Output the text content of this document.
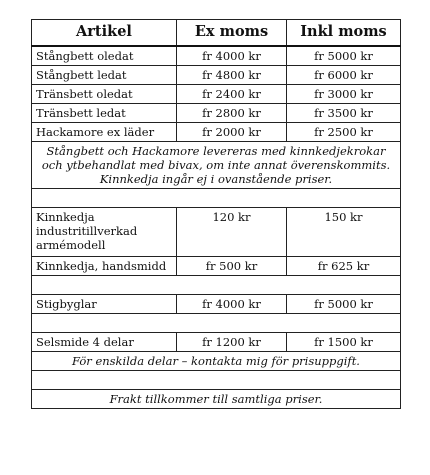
Artikel	Ex moms	Inkl moms
Stångbett oledat	fr 4000 kr	fr 5000 kr
Stångbett ledat	fr 4800 kr	fr 6000 kr
Tränsbett oledat	fr 2400 kr	fr 3000 kr
Tränsbett ledat	fr 2800 kr	fr 3500 kr
Hackamore ex läder	fr 2000 kr	fr 2500 kr
Stångbett och Hackamore levereras med kinnkedjekrokar och ytbehandlat med bivax, om inte annat överenskommits. Kinnkedja ingår ej i ovanstående priser.		

Kinnkedja industritillverkad armémodell	120 kr	150 kr
Kinnkedja, handsmidd	fr 500 kr	fr 625 kr

Stigbyglar	fr 4000 kr	fr 5000 kr

Selsmide 4 delar	fr 1200 kr	fr 1500 kr
För enskilda delar – kontakta mig för prisuppgift.		

Frakt tillkommer till samtliga priser.		
